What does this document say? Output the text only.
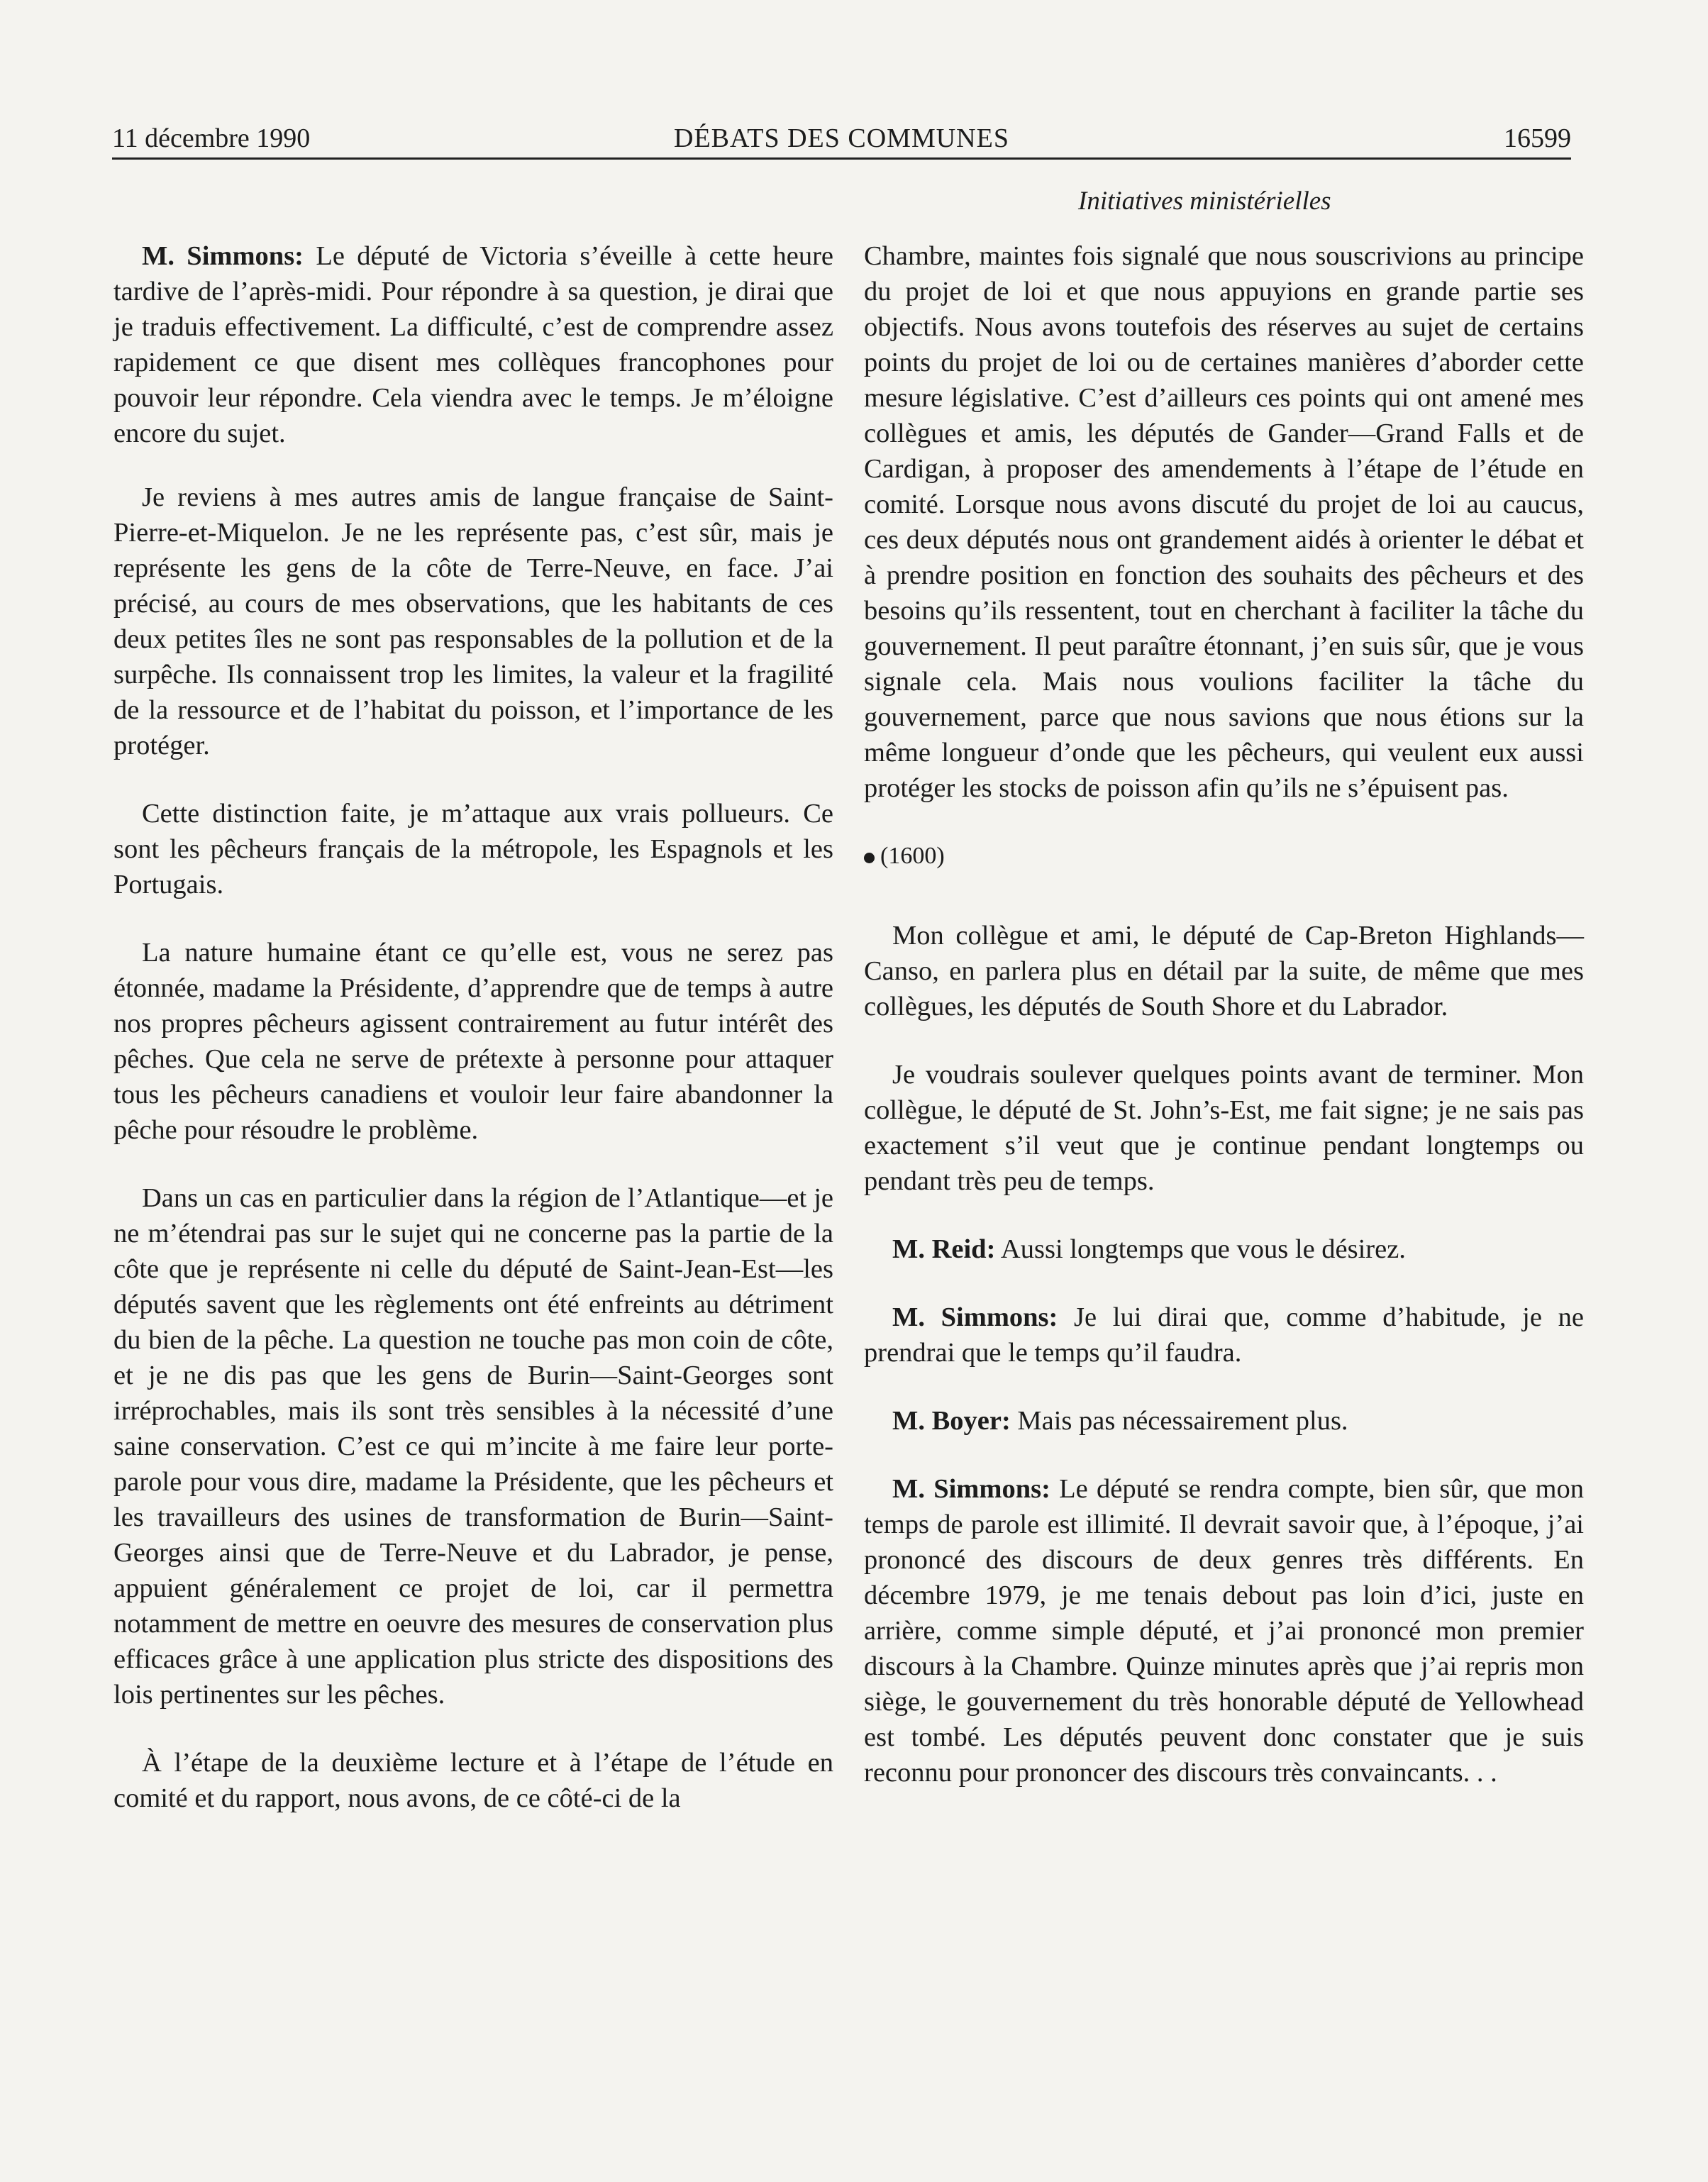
11 décembre 1990	DÉBATS DES COMMUNES	16599
Initiatives ministérielles

M. Simmons: Le député de Victoria s’éveille à cette heure tardive de l’après-midi. Pour répondre à sa question, je dirai que je traduis effectivement. La difficulté, c’est de comprendre assez rapidement ce que disent mes collèques francophones pour pouvoir leur répondre. Cela viendra avec le temps. Je m’éloigne encore du sujet.

Je reviens à mes autres amis de langue française de Saint-Pierre-et-Miquelon. Je ne les représente pas, c’est sûr, mais je représente les gens de la côte de Terre-Neuve, en face. J’ai précisé, au cours de mes observations, que les habitants de ces deux petites îles ne sont pas responsables de la pollution et de la surpêche. Ils connaissent trop les limites, la valeur et la fragilité de la ressource et de l’habitat du poisson, et l’importance de les protéger.

Cette distinction faite, je m’attaque aux vrais pollueurs. Ce sont les pêcheurs français de la métropole, les Espagnols et les Portugais.

La nature humaine étant ce qu’elle est, vous ne serez pas étonnée, madame la Présidente, d’apprendre que de temps à autre nos propres pêcheurs agissent contrairement au futur intérêt des pêches. Que cela ne serve de prétexte à personne pour attaquer tous les pêcheurs canadiens et vouloir leur faire abandonner la pêche pour résoudre le problème.

Dans un cas en particulier dans la région de l’Atlantique—et je ne m’étendrai pas sur le sujet qui ne concerne pas la partie de la côte que je représente ni celle du député de Saint-Jean-Est—les députés savent que les règlements ont été enfreints au détriment du bien de la pêche. La question ne touche pas mon coin de côte, et je ne dis pas que les gens de Burin—Saint-Georges sont irréprochables, mais ils sont très sensibles à la nécessité d’une saine conservation. C’est ce qui m’incite à me faire leur porte-parole pour vous dire, madame la Présidente, que les pêcheurs et les travailleurs des usines de transformation de Burin—Saint-Georges ainsi que de Terre-Neuve et du Labrador, je pense, appuient généralement ce projet de loi, car il permettra notamment de mettre en oeuvre des mesures de conservation plus efficaces grâce à une application plus stricte des dispositions des lois pertinentes sur les pêches.

À l’étape de la deuxième lecture et à l’étape de l’étude en comité et du rapport, nous avons, de ce côté-ci de la

Chambre, maintes fois signalé que nous souscrivions au principe du projet de loi et que nous appuyions en grande partie ses objectifs. Nous avons toutefois des réserves au sujet de certains points du projet de loi ou de certaines manières d’aborder cette mesure législative. C’est d’ailleurs ces points qui ont amené mes collègues et amis, les députés de Gander—Grand Falls et de Cardigan, à proposer des amendements à l’étape de l’étude en comité. Lorsque nous avons discuté du projet de loi au caucus, ces deux députés nous ont grandement aidés à orienter le débat et à prendre position en fonction des souhaits des pêcheurs et des besoins qu’ils ressentent, tout en cherchant à faciliter la tâche du gouvernement. Il peut paraître étonnant, j’en suis sûr, que je vous signale cela. Mais nous voulions faciliter la tâche du gouvernement, parce que nous savions que nous étions sur la même longueur d’onde que les pêcheurs, qui veulent eux aussi protéger les stocks de poisson afin qu’ils ne s’épuisent pas.

(1600)

Mon collègue et ami, le député de Cap-Breton Highlands—Canso, en parlera plus en détail par la suite, de même que mes collègues, les députés de South Shore et du Labrador.

Je voudrais soulever quelques points avant de terminer. Mon collègue, le député de St. John’s-Est, me fait signe; je ne sais pas exactement s’il veut que je continue pendant longtemps ou pendant très peu de temps.

M. Reid: Aussi longtemps que vous le désirez.

M. Simmons: Je lui dirai que, comme d’habitude, je ne prendrai que le temps qu’il faudra.

M. Boyer: Mais pas nécessairement plus.

M. Simmons: Le député se rendra compte, bien sûr, que mon temps de parole est illimité. Il devrait savoir que, à l’époque, j’ai prononcé des discours de deux genres très différents. En décembre 1979, je me tenais debout pas loin d’ici, juste en arrière, comme simple député, et j’ai prononcé mon premier discours à la Chambre. Quinze minutes après que j’ai repris mon siège, le gouvernement du très honorable député de Yellowhead est tombé. Les députés peuvent donc constater que je suis reconnu pour prononcer des discours très convaincants. . .
